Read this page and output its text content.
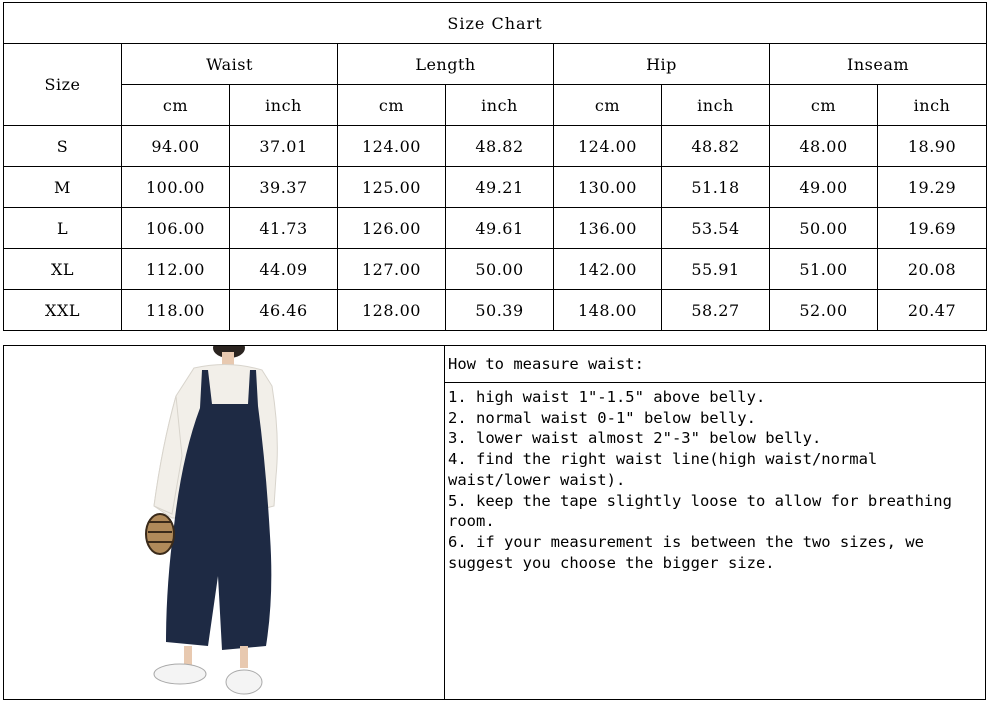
Size Chart								
Size	Waist		Length		Hip		Inseam	
	cm	inch	cm	inch	cm	inch	cm	inch
S	94.00	37.01	124.00	48.82	124.00	48.82	48.00	18.90
M	100.00	39.37	125.00	49.21	130.00	51.18	49.00	19.29
L	106.00	41.73	126.00	49.61	136.00	53.54	50.00	19.69
XL	112.00	44.09	127.00	50.00	142.00	55.91	51.00	20.08
XXL	118.00	46.46	128.00	50.39	148.00	58.27	52.00	20.47
How to measure waist:

1. high waist 1"-1.5" above belly.

2. normal waist 0-1" below belly.

3. lower waist almost 2"-3" below belly.

4. find the right waist line(high waist/normal waist/lower waist).

5. keep the tape slightly loose to allow for breathing room.

6. if your measurement is between the two sizes, we suggest you choose the bigger size.
